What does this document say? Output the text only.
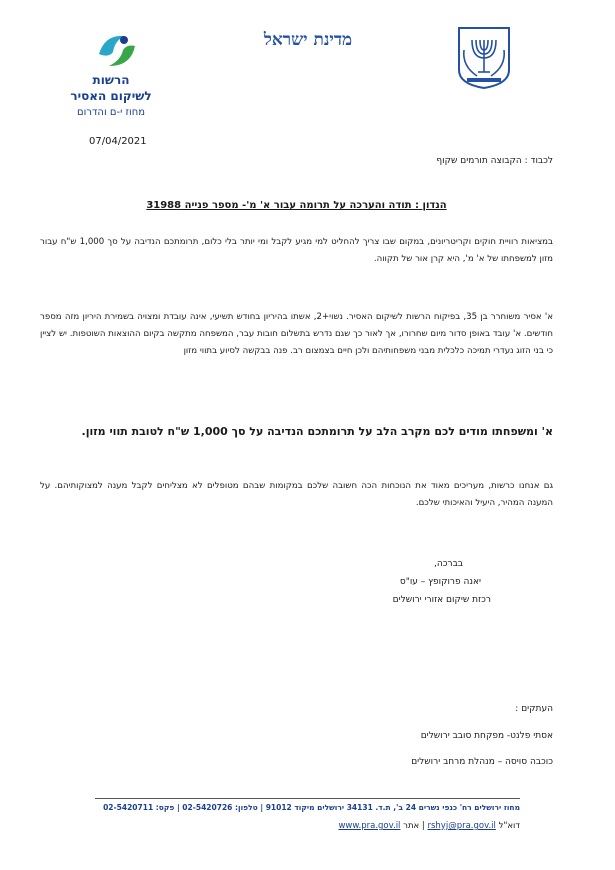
מדינת ישראל
הרשות
לשיקום האסיר
מחוז י-ם והדרום
07/04/2021
לכבוד : הקבוצה תורמים שקוף
הנדון : תודה והערכה על תרומה עבור א' מ'- מספר פנייה 31988
במציאות רוויית חוקים וקריטריונים, במקום שבו צריך להחליט למי מגיע לקבל ומי יותר בלי כלום, תרומתכם הנדיבה על סך 1,000 ש"ח עבור מזון למשפחתו של א' מ', היא קרן אור של תקווה.
א' אסיר משוחרר בן 35, בפיקוח הרשות לשיקום האסיר. נשוי+2, אשתו בהיריון בחודש תשיעי, אינה עובדת ומצויה בשמירת היריון מזה מספר חודשים. א' עובד באופן סדור מיום שחרורו, אך לאור כך שגם נדרש בתשלום חובות עבר, המשפחה מתקשה בקיום ההוצאות השוטפות. יש לציין כי בני הזוג נעדרי תמיכה כלכלית מבני משפחותיהם ולכן חיים בצמצום רב. פנה בבקשה לסיוע בתווי מזון
א' ומשפחתו מודים לכם מקרב הלב על תרומתכם הנדיבה על סך 1,000 ש"ח לטובת תווי מזון.
גם אנחנו כרשות, מעריכים מאוד את הנוכחות הכה חשובה שלכם במקומות שבהם מטופלים לא מצליחים לקבל מענה למצוקותיהם. על המענה המהיר, היעיל והאיכותי שלכם.
בברכה,
יאנה פרוקופץ – עו"ס
רכזת שיקום אזורי ירושלים
העתקים :
אסתי פלנט- מפקחת סובב ירושלים
כוכבה סויסה – מנהלת מרחב ירושלים
מחוז ירושלים רח' כנפי נשרים 24 ב', ת.ד. 34131 ירושלים מיקוד 91012 | טלפון: 02-5420726 | פקס: 02-5420711
דוא"ל rshyj@pra.gov.il | אתר www.pra.gov.il
